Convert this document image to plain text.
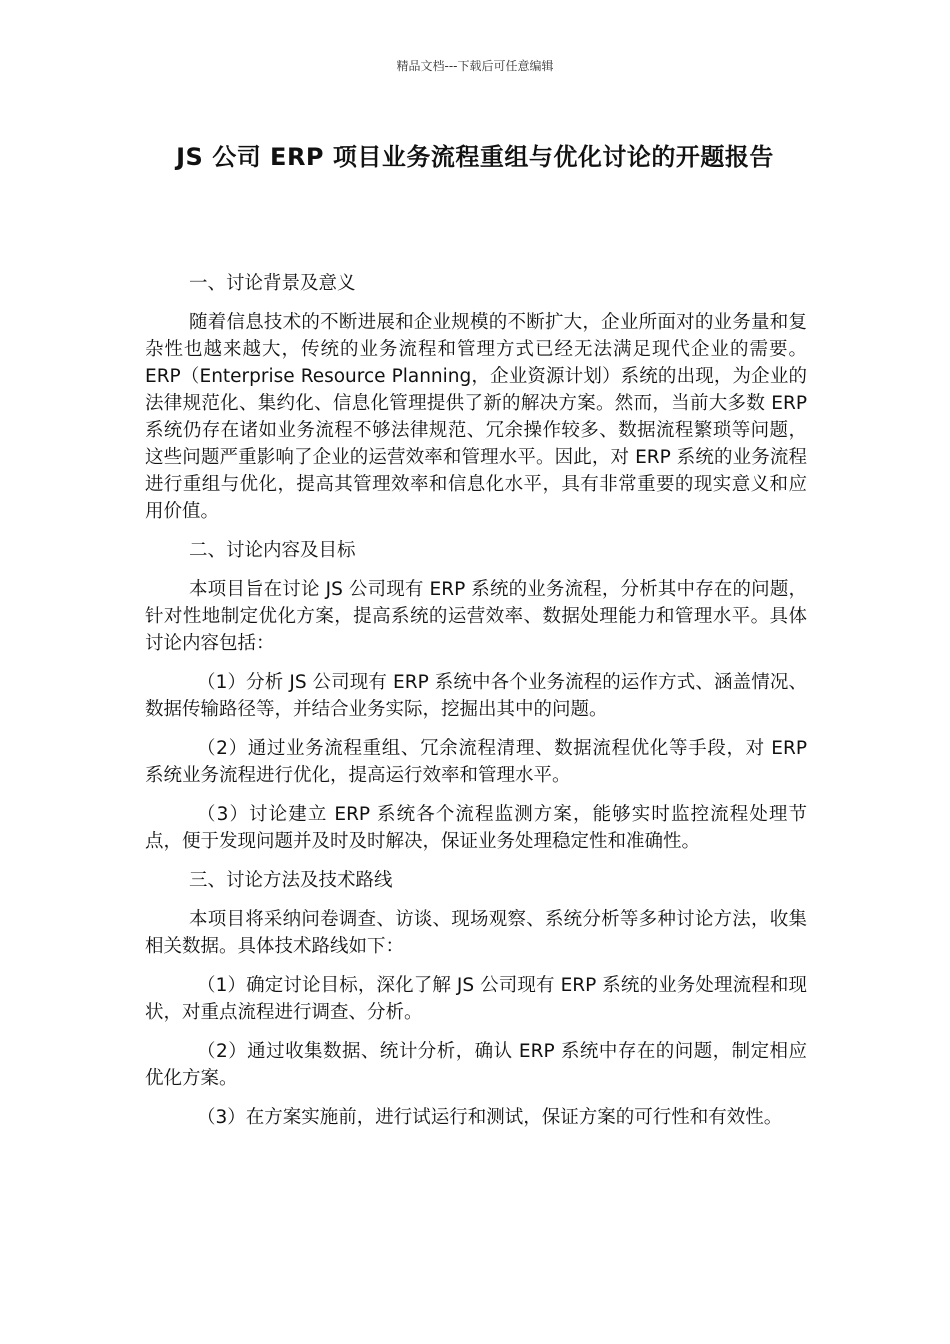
精品文档---下载后可任意编辑
JS 公司 ERP 项目业务流程重组与优化讨论的开题报告

一、讨论背景及意义

随着信息技术的不断进展和企业规模的不断扩大，企业所面对的业务量和复杂性也越来越大，传统的业务流程和管理方式已经无法满足现代企业的需要。ERP（Enterprise Resource Planning，企业资源计划）系统的出现，为企业的法律规范化、集约化、信息化管理提供了新的解决方案。然而，当前大多数 ERP 系统仍存在诸如业务流程不够法律规范、冗余操作较多、数据流程繁琐等问题，这些问题严重影响了企业的运营效率和管理水平。因此，对 ERP 系统的业务流程进行重组与优化，提高其管理效率和信息化水平，具有非常重要的现实意义和应用价值。

二、讨论内容及目标

本项目旨在讨论 JS 公司现有 ERP 系统的业务流程，分析其中存在的问题，针对性地制定优化方案，提高系统的运营效率、数据处理能力和管理水平。具体讨论内容包括：

（1）分析 JS 公司现有 ERP 系统中各个业务流程的运作方式、涵盖情况、数据传输路径等，并结合业务实际，挖掘出其中的问题。

（2）通过业务流程重组、冗余流程清理、数据流程优化等手段，对 ERP 系统业务流程进行优化，提高运行效率和管理水平。

（3）讨论建立 ERP 系统各个流程监测方案，能够实时监控流程处理节点，便于发现问题并及时及时解决，保证业务处理稳定性和准确性。

三、讨论方法及技术路线

本项目将采纳问卷调查、访谈、现场观察、系统分析等多种讨论方法，收集相关数据。具体技术路线如下：

（1）确定讨论目标，深化了解 JS 公司现有 ERP 系统的业务处理流程和现状，对重点流程进行调查、分析。

（2）通过收集数据、统计分析，确认 ERP 系统中存在的问题，制定相应优化方案。

（3）在方案实施前，进行试运行和测试，保证方案的可行性和有效性。
